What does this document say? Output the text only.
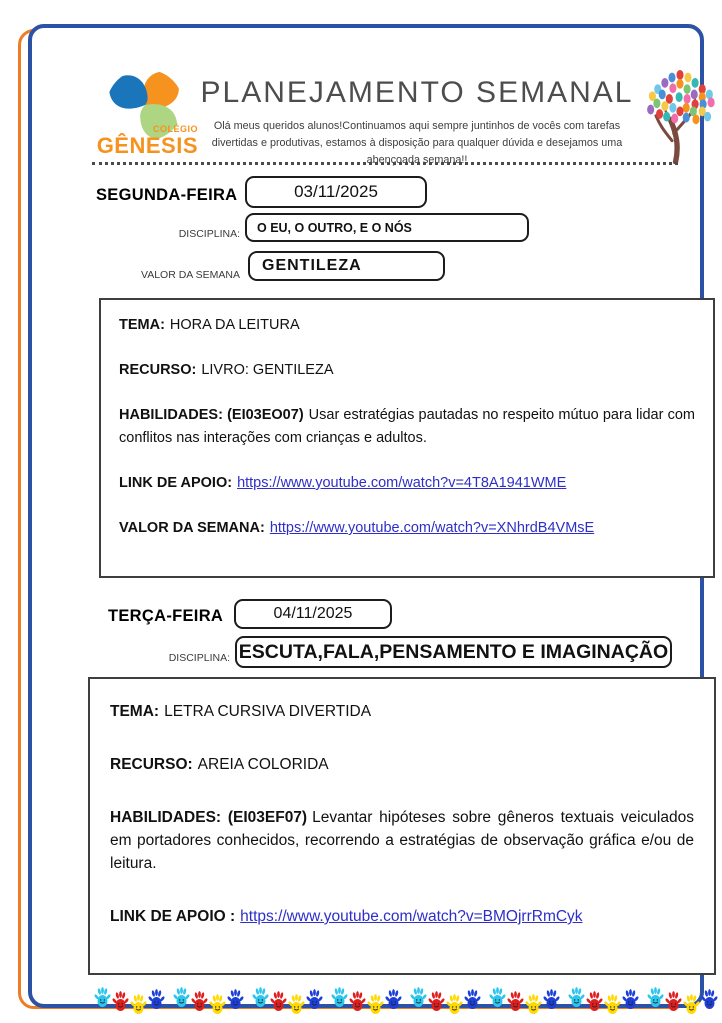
COLÉGIO
GÊNESIS
PLANEJAMENTO SEMANAL
Olá meus queridos alunos!Continuamos aqui sempre juntinhos de vocês com tarefas divertidas e produtivas, estamos à disposição para qualquer dúvida e desejamos uma abençoada semana!!
SEGUNDA-FEIRA	03/11/2025
DISCIPLINA: O EU, O OUTRO, E O NÓS
VALOR DA SEMANA
GENTILEZA

TEMA: HORA DA LEITURA

RECURSO: LIVRO: GENTILEZA

HABILIDADES: (EI03EO07) Usar estratégias pautadas no respeito mútuo para lidar com conflitos nas interações com crianças e adultos.

LINK DE APOIO: https://www.youtube.com/watch?v=4T8A1941WME

VALOR DA SEMANA: https://www.youtube.com/watch?v=XNhrdB4VMsE

TERÇA-FEIRA	04/11/2025
DISCIPLINA: ESCUTA,FALA,PENSAMENTO E IMAGINAÇÃO

TEMA: LETRA CURSIVA DIVERTIDA

RECURSO: AREIA COLORIDA

HABILIDADES: (EI03EF07) Levantar hipóteses sobre gêneros textuais veiculados em portadores conhecidos, recorrendo a estratégias de observação gráfica e/ou de leitura.

LINK DE APOIO : https://www.youtube.com/watch?v=BMOjrrRmCyk
